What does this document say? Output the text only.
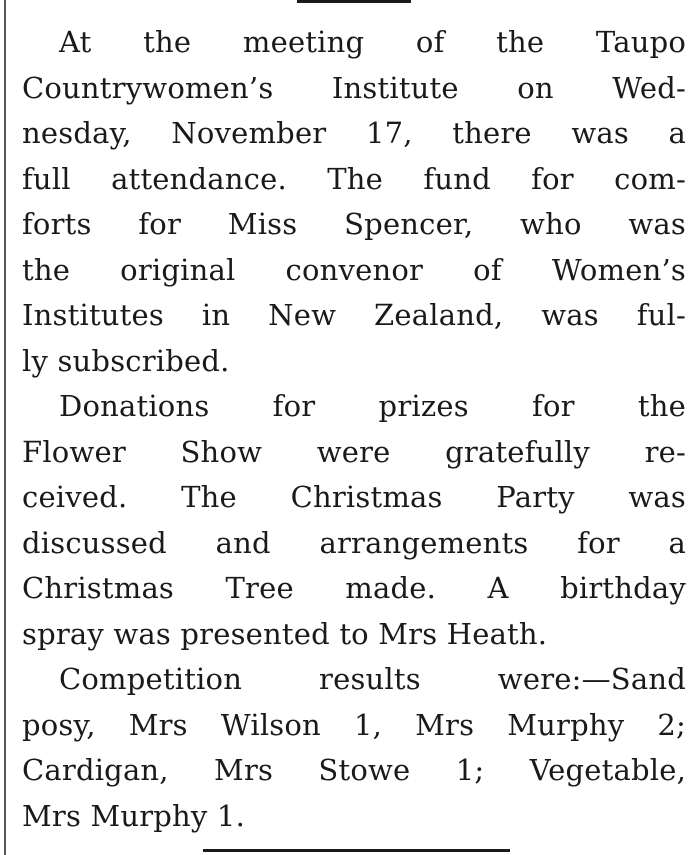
At the meeting of the Taupo
Countrywomen’s Institute on Wed-
nesday, November 17, there was a
full attendance. The fund for com-
forts for Miss Spencer, who was
the original convenor of Women’s
Institutes in New Zealand, was ful-
ly subscribed.
Donations for prizes for the
Flower Show were gratefully re-
ceived. The Christmas Party was
discussed and arrangements for a
Christmas Tree made. A birthday
spray was presented to Mrs Heath.
Competition results were:—Sand
posy, Mrs Wilson 1, Mrs Murphy 2;
Cardigan, Mrs Stowe 1; Vegetable,
Mrs Murphy 1.
